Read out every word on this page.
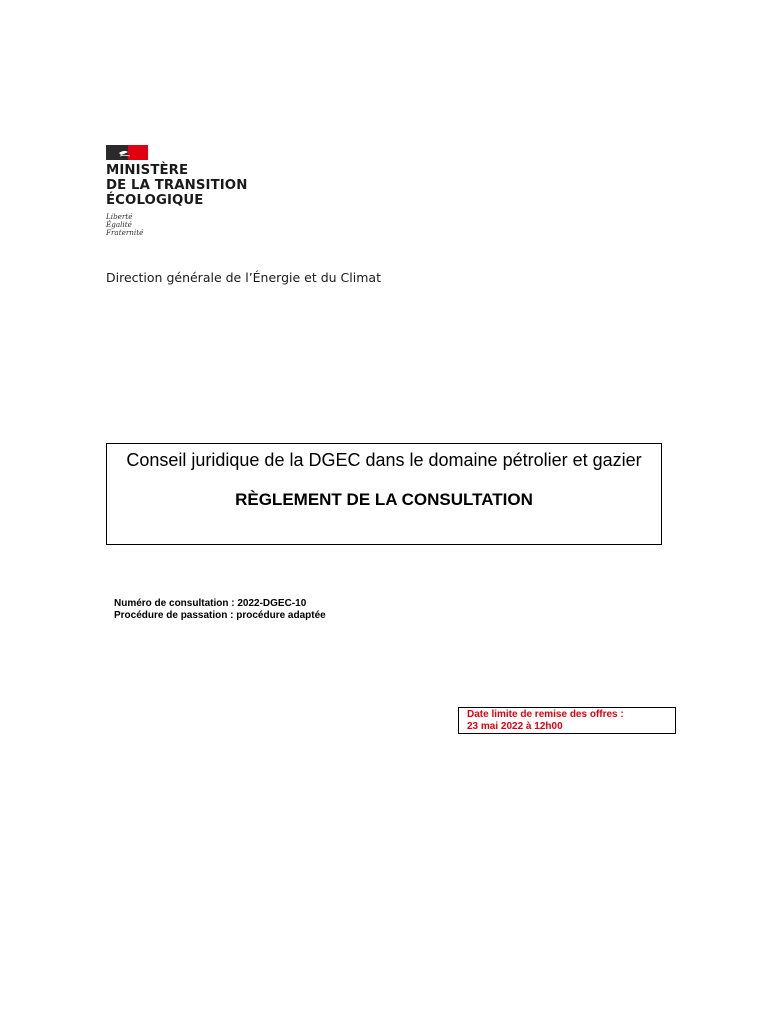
MINISTÈRE
DE LA TRANSITION
ÉCOLOGIQUE
Liberté
Égalité
Fraternité
Direction générale de l’Énergie et du Climat
Conseil juridique de la DGEC dans le domaine pétrolier et gazier
RÈGLEMENT DE LA CONSULTATION
Numéro de consultation : 2022-DGEC-10
Procédure de passation : procédure adaptée
Date limite de remise des offres :
23 mai 2022 à 12h00
